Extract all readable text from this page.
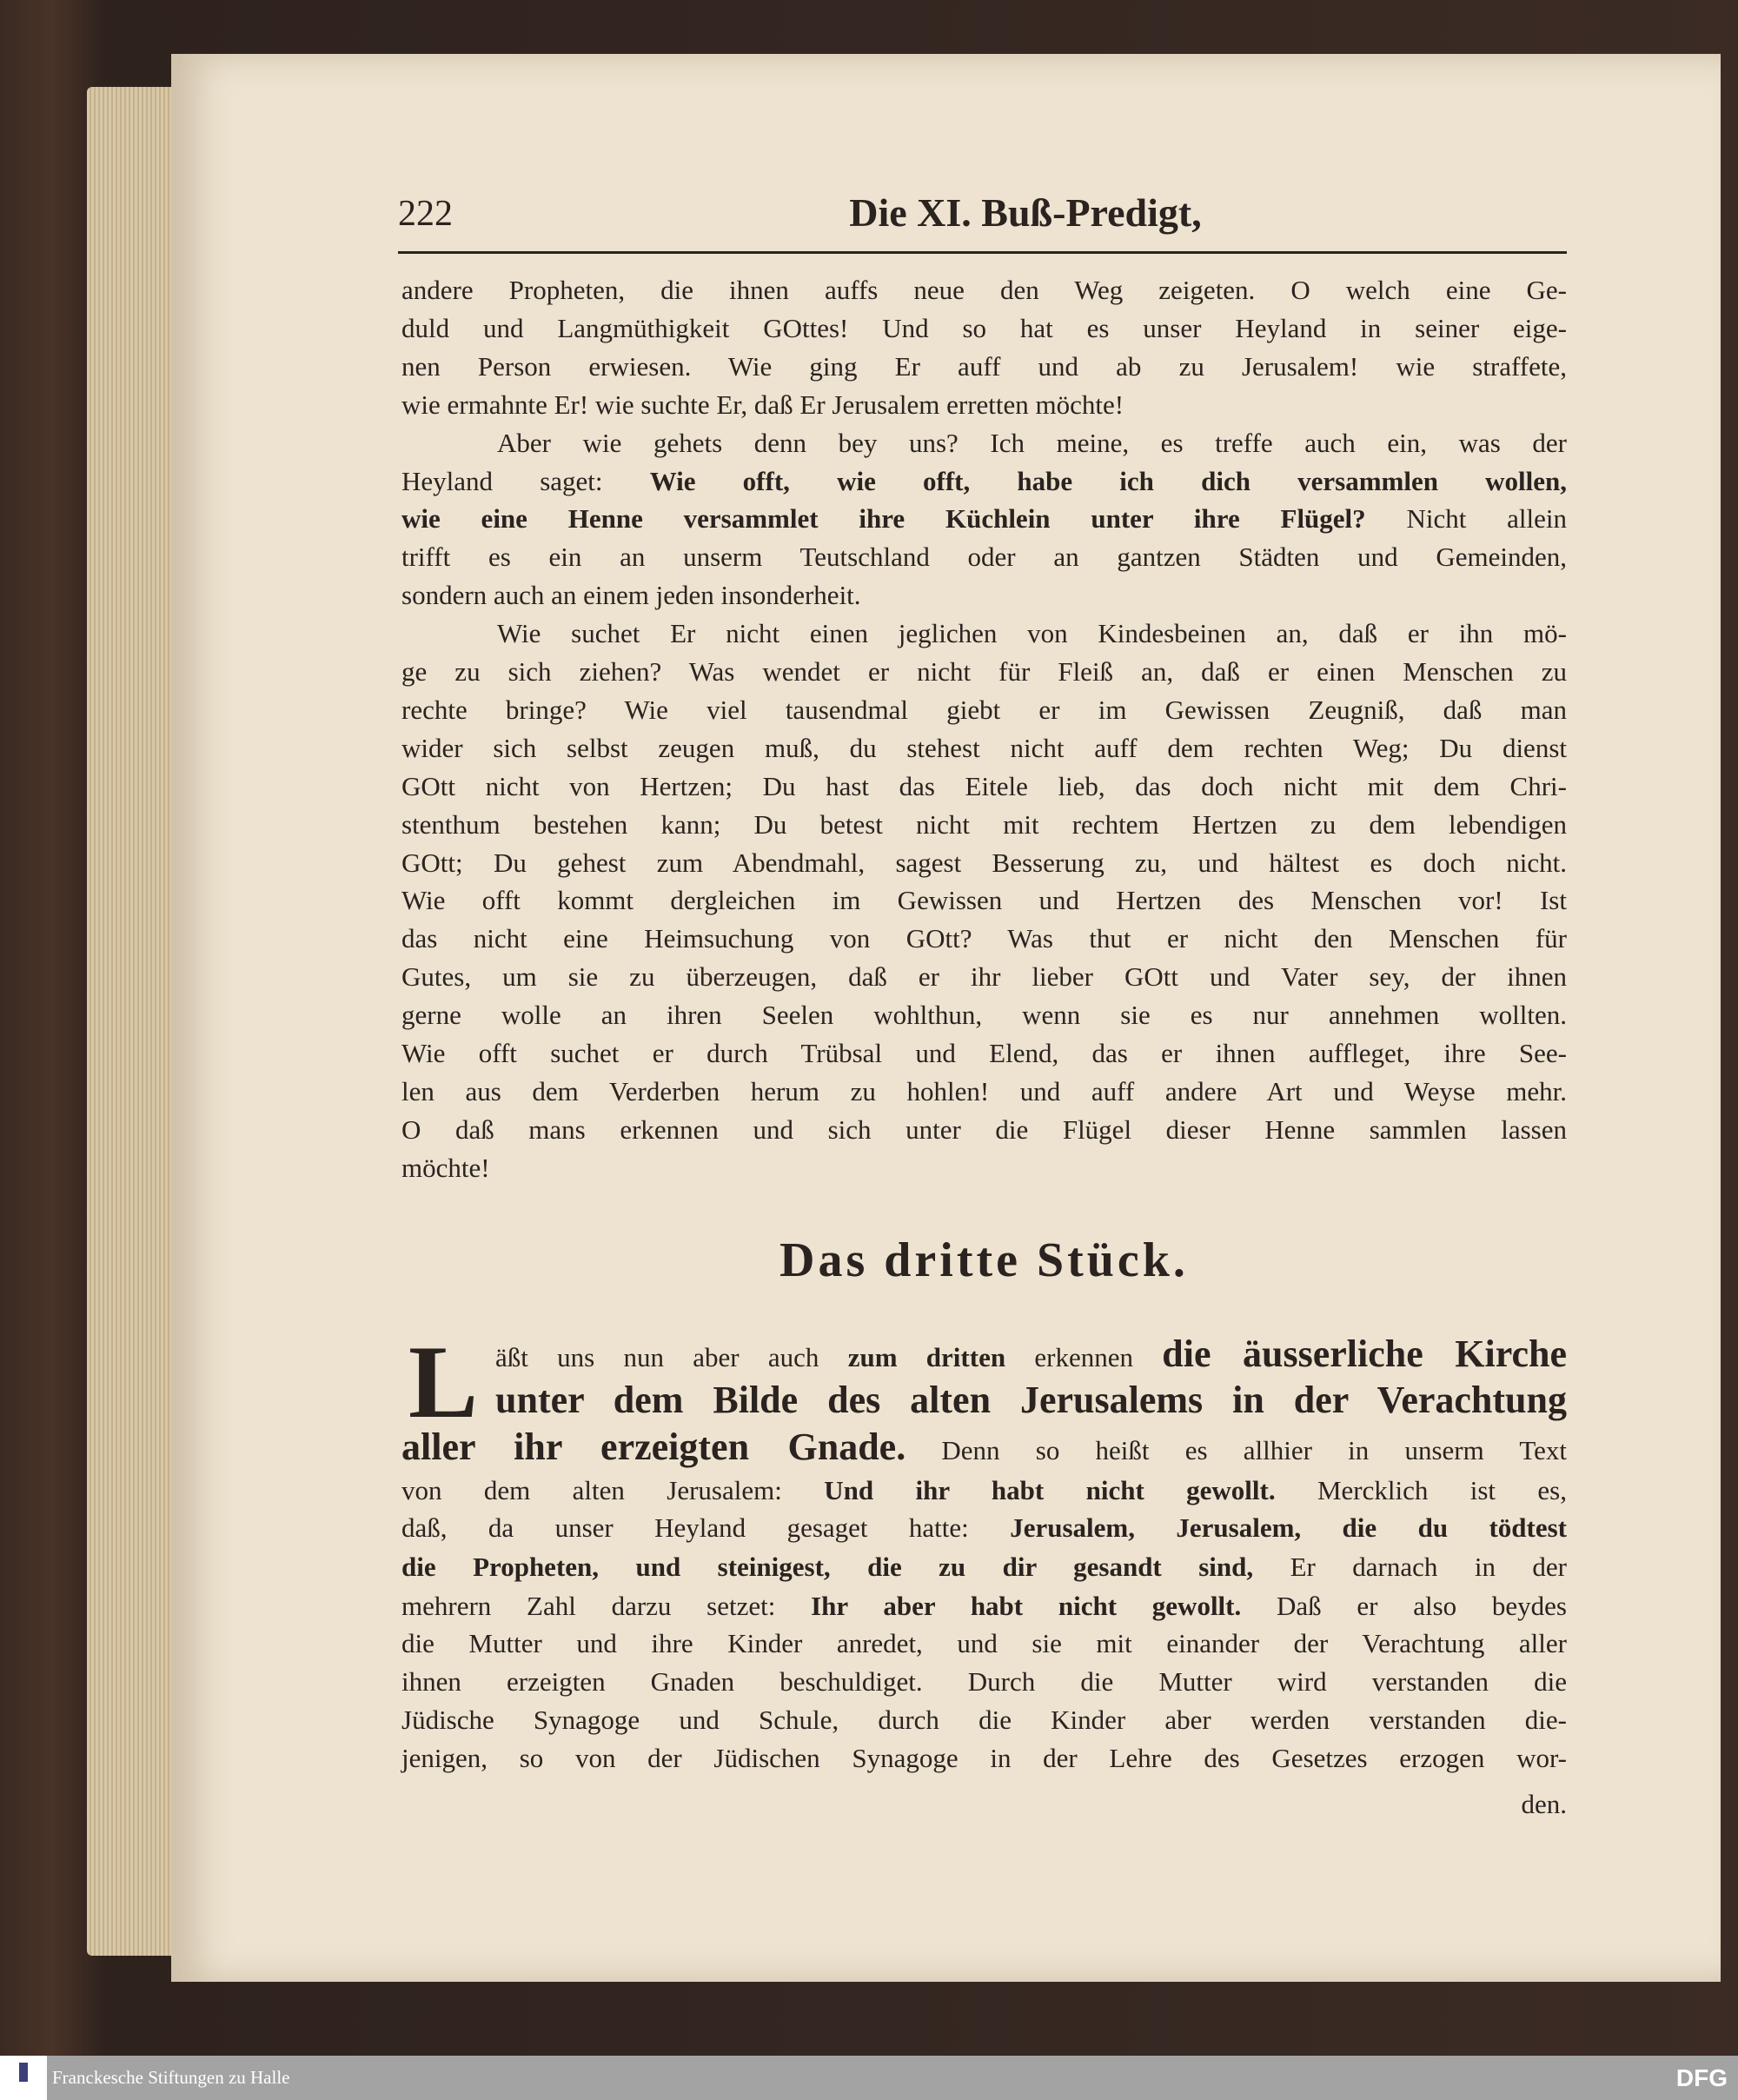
222	Die XI. Buß-Predigt,
andere Propheten, die ihnen auffs neue den Weg zeigeten. O welch eine Ge-
duld und Langmüthigkeit GOttes! Und so hat es unser Heyland in seiner eige-
nen Person erwiesen. Wie ging Er auff und ab zu Jerusalem! wie straffete,
wie ermahnte Er! wie suchte Er, daß Er Jerusalem erretten möchte!
Aber wie gehets denn bey uns? Ich meine, es treffe auch ein, was der
Heyland saget: Wie offt, wie offt, habe ich dich versammlen wollen,
wie eine Henne versammlet ihre Küchlein unter ihre Flügel? Nicht allein
trifft es ein an unserm Teutschland oder an gantzen Städten und Gemeinden,
sondern auch an einem jeden insonderheit.
Wie suchet Er nicht einen jeglichen von Kindesbeinen an, daß er ihn mö-
ge zu sich ziehen? Was wendet er nicht für Fleiß an, daß er einen Menschen zu
rechte bringe? Wie viel tausendmal giebt er im Gewissen Zeugniß, daß man
wider sich selbst zeugen muß, du stehest nicht auff dem rechten Weg; Du dienst
GOtt nicht von Hertzen; Du hast das Eitele lieb, das doch nicht mit dem Chri-
stenthum bestehen kann; Du betest nicht mit rechtem Hertzen zu dem lebendigen
GOtt; Du gehest zum Abendmahl, sagest Besserung zu, und hältest es doch nicht.
Wie offt kommt dergleichen im Gewissen und Hertzen des Menschen vor! Ist
das nicht eine Heimsuchung von GOtt? Was thut er nicht den Menschen für
Gutes, um sie zu überzeugen, daß er ihr lieber GOtt und Vater sey, der ihnen
gerne wolle an ihren Seelen wohlthun, wenn sie es nur annehmen wollten.
Wie offt suchet er durch Trübsal und Elend, das er ihnen auffleget, ihre See-
len aus dem Verderben herum zu hohlen! und auff andere Art und Weyse mehr.
O daß mans erkennen und sich unter die Flügel dieser Henne sammlen lassen
möchte!
Das dritte Stück.
L äßt uns nun aber auch zum dritten erkennen die äusserliche Kirche
unter dem Bilde des alten Jerusalems in der Verachtung
aller ihr erzeigten Gnade. Denn so heißt es allhier in unserm Text
von dem alten Jerusalem: Und ihr habt nicht gewollt. Mercklich ist es,
daß, da unser Heyland gesaget hatte: Jerusalem, Jerusalem, die du tödtest
die Propheten, und steinigest, die zu dir gesandt sind, Er darnach in der
mehrern Zahl darzu setzet: Ihr aber habt nicht gewollt. Daß er also beydes
die Mutter und ihre Kinder anredet, und sie mit einander der Verachtung aller
ihnen erzeigten Gnaden beschuldiget. Durch die Mutter wird verstanden die
Jüdische Synagoge und Schule, durch die Kinder aber werden verstanden die-
jenigen, so von der Jüdischen Synagoge in der Lehre des Gesetzes erzogen wor-
den.
Franckesche Stiftungen zu Halle	DFG
